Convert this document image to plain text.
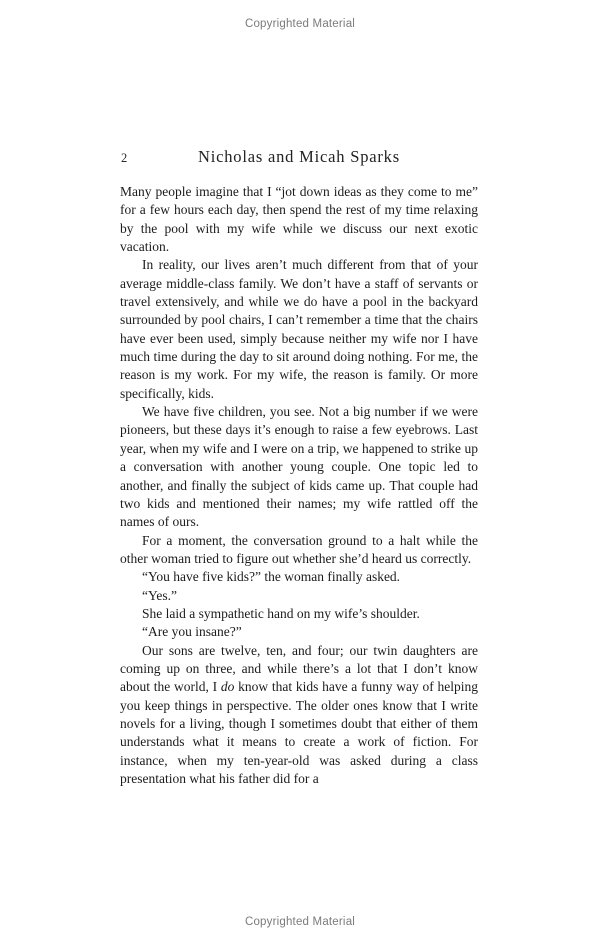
Copyrighted Material
2	Nicholas and Micah Sparks

Many people imagine that I “jot down ideas as they come to me” for a few hours each day, then spend the rest of my time relaxing by the pool with my wife while we discuss our next exotic vacation.

In reality, our lives aren’t much different from that of your average middle-class family. We don’t have a staff of servants or travel extensively, and while we do have a pool in the backyard surrounded by pool chairs, I can’t remember a time that the chairs have ever been used, simply because neither my wife nor I have much time during the day to sit around doing nothing. For me, the reason is my work. For my wife, the reason is family. Or more specifically, kids.

We have five children, you see. Not a big number if we were pioneers, but these days it’s enough to raise a few eyebrows. Last year, when my wife and I were on a trip, we happened to strike up a conversation with another young couple. One topic led to another, and finally the subject of kids came up. That couple had two kids and mentioned their names; my wife rattled off the names of ours.

For a moment, the conversation ground to a halt while the other woman tried to figure out whether she’d heard us correctly.

“You have five kids?” the woman finally asked.

“Yes.”

She laid a sympathetic hand on my wife’s shoulder.

“Are you insane?”

Our sons are twelve, ten, and four; our twin daughters are coming up on three, and while there’s a lot that I don’t know about the world, I do know that kids have a funny way of helping you keep things in perspective. The older ones know that I write novels for a living, though I sometimes doubt that either of them understands what it means to create a work of fiction. For instance, when my ten-year-old was asked during a class presentation what his father did for a

Copyrighted Material
